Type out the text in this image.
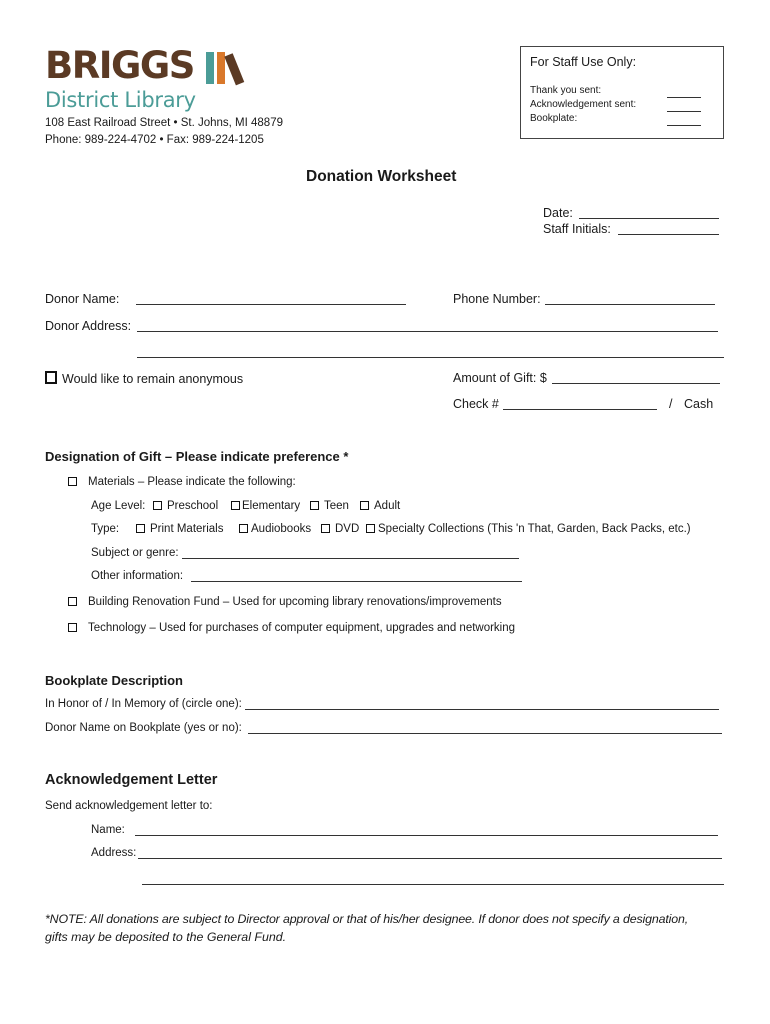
BRIGGS
District Library
108 East Railroad Street • St. Johns, MI 48879
Phone: 989-224-4702 • Fax: 989-224-1205
For Staff Use Only:
Thank you sent:
Acknowledgement sent:
Bookplate:
Donation Worksheet
Date:
Staff Initials:
Donor Name:	Phone Number:
Donor Address:
Would like to remain anonymous	Amount of Gift: $
Check #	/ Cash
Designation of Gift – Please indicate preference *
Materials – Please indicate the following:
Age Level:	Preschool	Elementary	Teen	Adult
Type:	Print Materials	Audiobooks	DVD	Specialty Collections (This 'n That, Garden, Back Packs, etc.)
Subject or genre:
Other information:
Building Renovation Fund – Used for upcoming library renovations/improvements
Technology – Used for purchases of computer equipment, upgrades and networking
Bookplate Description
In Honor of / In Memory of (circle one):
Donor Name on Bookplate (yes or no):
Acknowledgement Letter
Send acknowledgement letter to:
Name:
Address:
*NOTE: All donations are subject to Director approval or that of his/her designee. If donor does not specify a designation,
gifts may be deposited to the General Fund.
